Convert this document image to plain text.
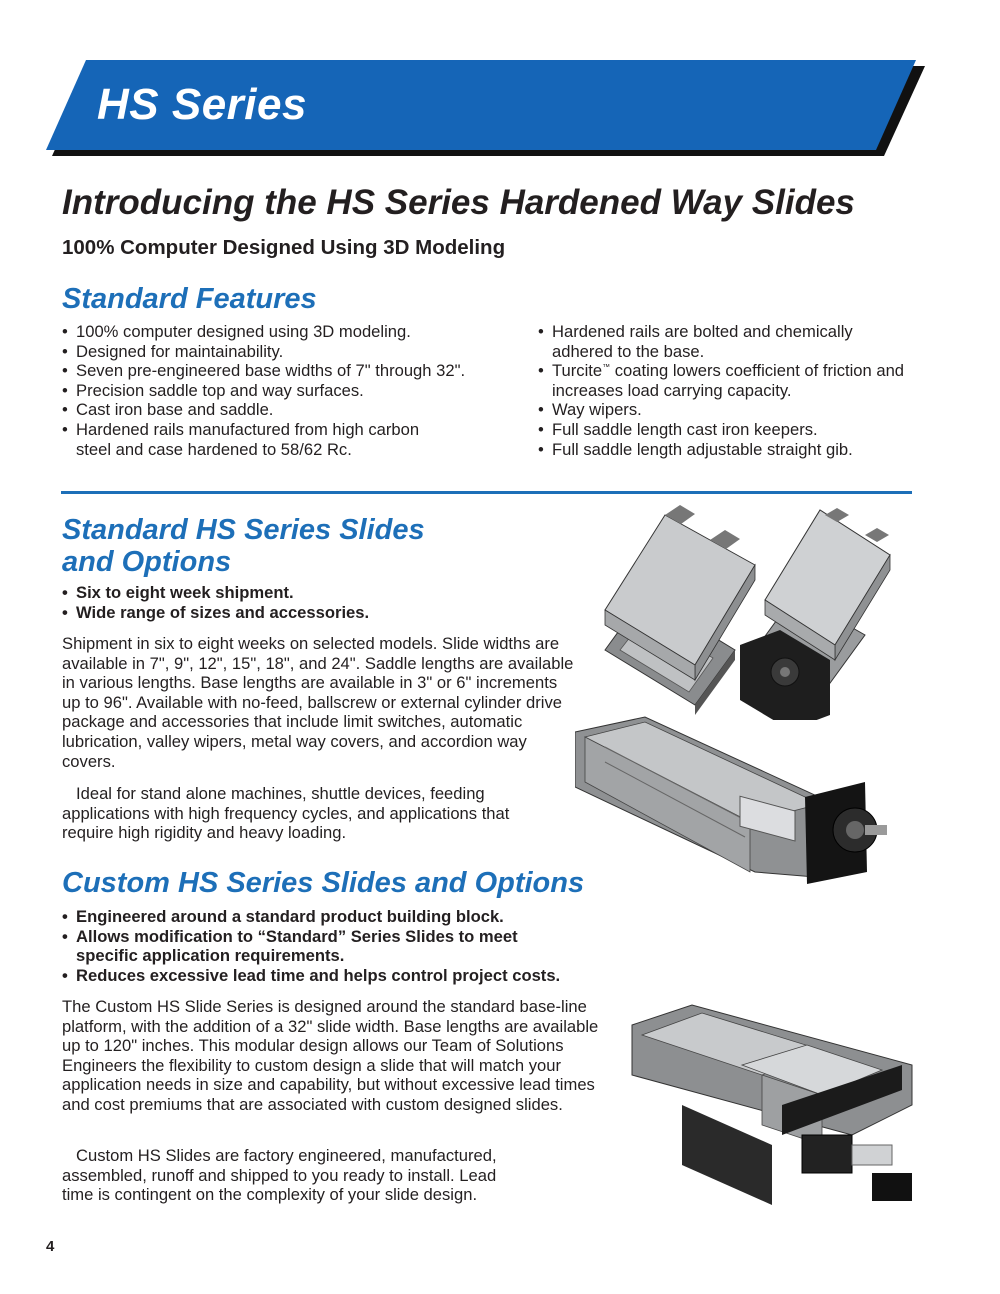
HS Series
Introducing the HS Series Hardened Way Slides
100% Computer Designed Using 3D Modeling
Standard Features
• 100% computer designed using 3D modeling.
• Designed for maintainability.
• Seven pre-engineered base widths of 7" through 32".
• Precision saddle top and way surfaces.
• Cast iron base and saddle.
• Hardened rails manufactured from high carbon steel and case hardened to 58/62 Rc.
• Hardened rails are bolted and chemically adhered to the base.
• Turcite™ coating lowers coefficient of friction and increases load carrying capacity.
• Way wipers.
• Full saddle length cast iron keepers.
• Full saddle length adjustable straight gib.
Standard HS Series Slides
and Options
• Six to eight week shipment.
• Wide range of sizes and accessories.

Shipment in six to eight weeks on selected models. Slide widths are available in 7", 9", 12", 15", 18", and 24". Saddle lengths are available in various lengths. Base lengths are available in 3" or 6" increments up to 96". Available with no-feed, ballscrew or external cylinder drive package and accessories that include limit switches, automatic lubrication, valley wipers, metal way covers, and accordion way covers.

Ideal for stand alone machines, shuttle devices, feeding applications with high frequency cycles, and applications that require high rigidity and heavy loading.

Custom HS Series Slides and Options
• Engineered around a standard product building block.
• Allows modification to “Standard” Series Slides to meet specific application requirements.
• Reduces excessive lead time and helps control project costs.

The Custom HS Slide Series is designed around the standard base-line platform, with the addition of a 32" slide width. Base lengths are available up to 120" inches. This modular design allows our Team of Solutions Engineers the flexibility to custom design a slide that will match your application needs in size and capability, but without excessive lead times and cost premiums that are associated with custom designed slides.

Custom HS Slides are factory engineered, manufactured, assembled, runoff and shipped to you ready to install. Lead time is contingent on the complexity of your slide design.

4
